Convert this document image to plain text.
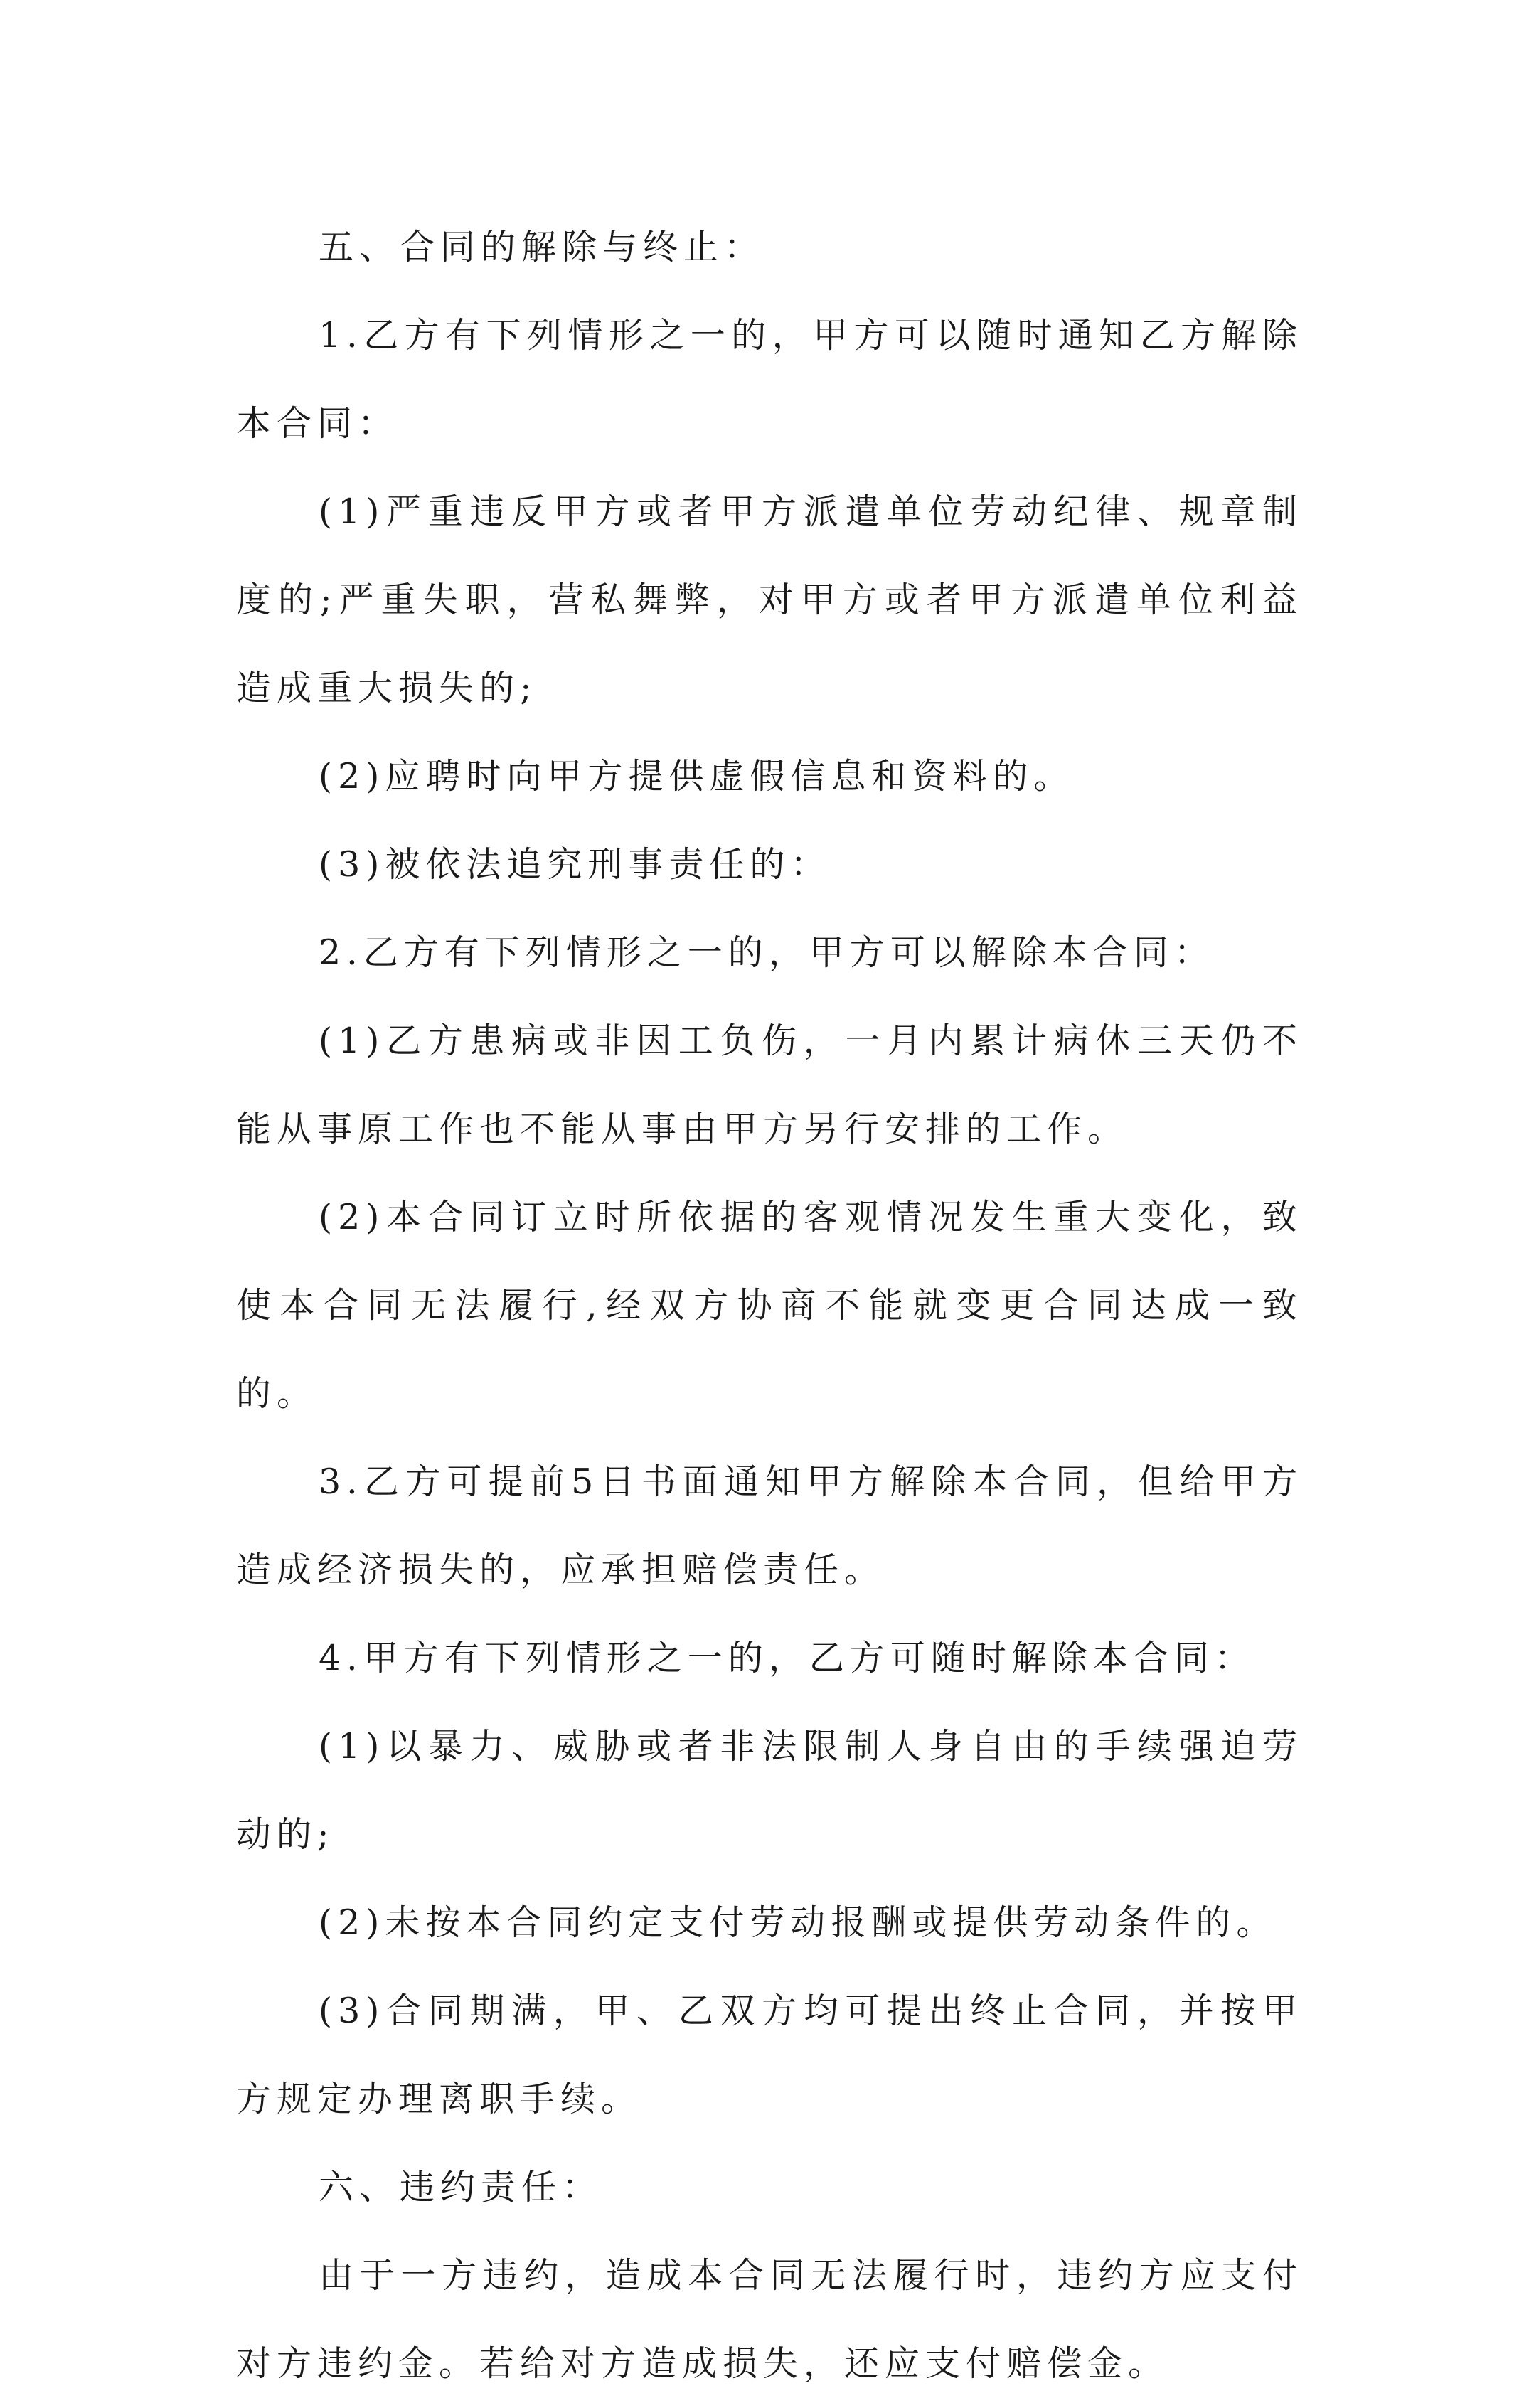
五、合同的解除与终止：

1.乙方有下列情形之一的，甲方可以随时通知乙方解除本合同：

(1)严重违反甲方或者甲方派遣单位劳动纪律、规章制度的;严重失职，营私舞弊，对甲方或者甲方派遣单位利益造成重大损失的;

(2)应聘时向甲方提供虚假信息和资料的。

(3)被依法追究刑事责任的：

2.乙方有下列情形之一的，甲方可以解除本合同：

(1)乙方患病或非因工负伤，一月内累计病休三天仍不能从事原工作也不能从事由甲方另行安排的工作。

(2)本合同订立时所依据的客观情况发生重大变化，致使本合同无法履行,经双方协商不能就变更合同达成一致的。

3.乙方可提前5日书面通知甲方解除本合同，但给甲方造成经济损失的，应承担赔偿责任。

4.甲方有下列情形之一的，乙方可随时解除本合同：

(1)以暴力、威胁或者非法限制人身自由的手续强迫劳动的;

(2)未按本合同约定支付劳动报酬或提供劳动条件的。

(3)合同期满，甲、乙双方均可提出终止合同，并按甲方规定办理离职手续。

六、违约责任：

由于一方违约，造成本合同无法履行时，违约方应支付对方违约金。若给对方造成损失，还应支付赔偿金。
